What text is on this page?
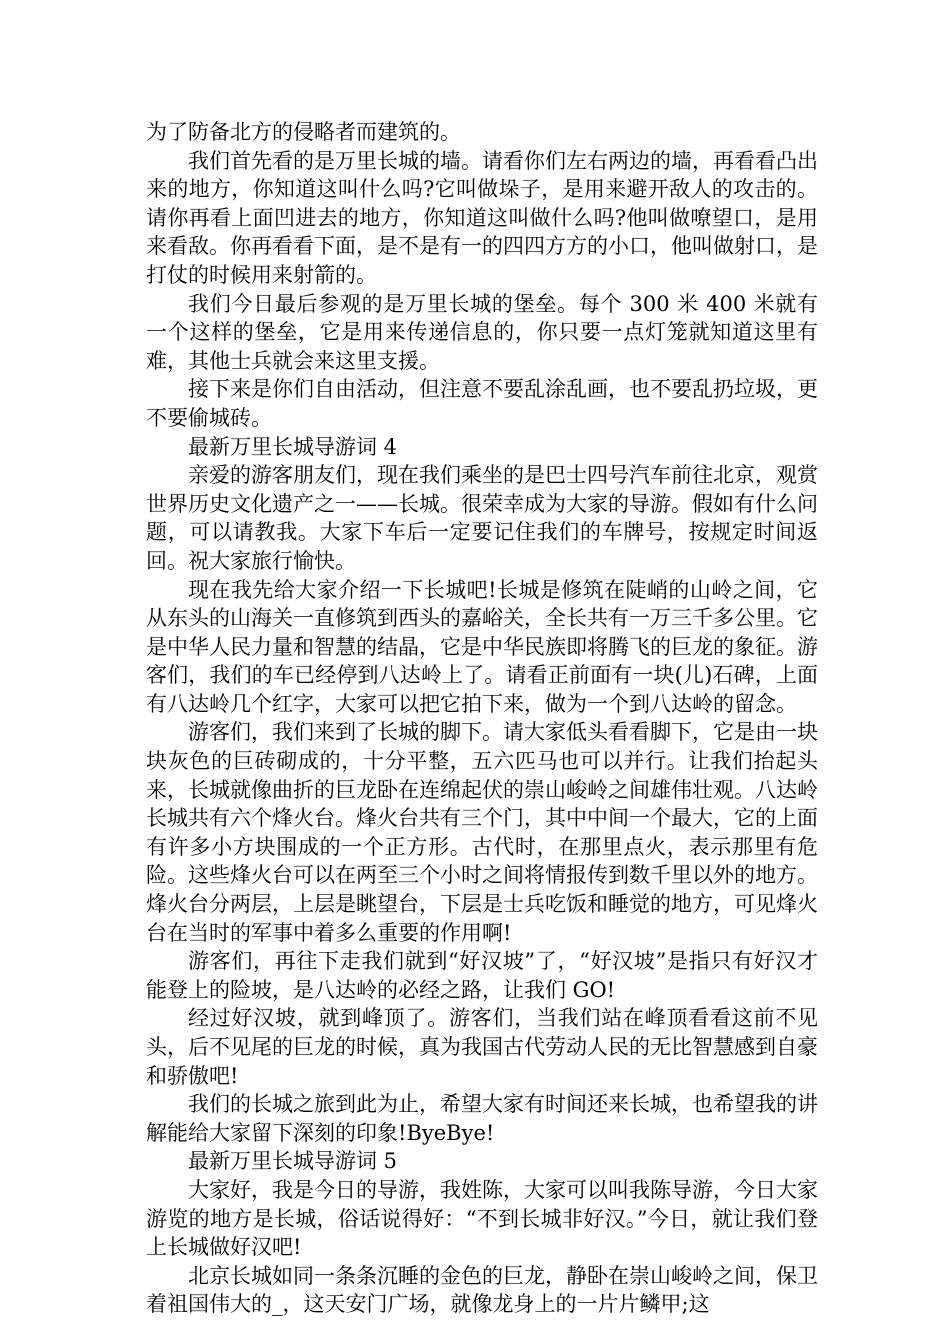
为了防备北方的侵略者而建筑的。

我们首先看的是万里长城的墙。请看你们左右两边的墙，再看看凸出来的地方，你知道这叫什么吗?它叫做垛子，是用来避开敌人的攻击的。请你再看上面凹进去的地方，你知道这叫做什么吗?他叫做嘹望口，是用来看敌。你再看看下面，是不是有一的四四方方的小口，他叫做射口，是打仗的时候用来射箭的。

我们今日最后参观的是万里长城的堡垒。每个 300 米 400 米就有一个这样的堡垒，它是用来传递信息的，你只要一点灯笼就知道这里有难，其他士兵就会来这里支援。

接下来是你们自由活动，但注意不要乱涂乱画，也不要乱扔垃圾，更不要偷城砖。

最新万里长城导游词 4

亲爱的游客朋友们，现在我们乘坐的是巴士四号汽车前往北京，观赏世界历史文化遗产之一——长城。很荣幸成为大家的导游。假如有什么问题，可以请教我。大家下车后一定要记住我们的车牌号，按规定时间返回。祝大家旅行愉快。

现在我先给大家介绍一下长城吧!长城是修筑在陡峭的山岭之间，它从东头的山海关一直修筑到西头的嘉峪关，全长共有一万三千多公里。它是中华人民力量和智慧的结晶，它是中华民族即将腾飞的巨龙的象征。游客们，我们的车已经停到八达岭上了。请看正前面有一块(儿)石碑，上面有八达岭几个红字，大家可以把它拍下来，做为一个到八达岭的留念。

游客们，我们来到了长城的脚下。请大家低头看看脚下，它是由一块块灰色的巨砖砌成的，十分平整，五六匹马也可以并行。让我们抬起头来，长城就像曲折的巨龙卧在连绵起伏的崇山峻岭之间雄伟壮观。八达岭长城共有六个烽火台。烽火台共有三个门，其中中间一个最大，它的上面有许多小方块围成的一个正方形。古代时，在那里点火，表示那里有危险。这些烽火台可以在两至三个小时之间将情报传到数千里以外的地方。烽火台分两层，上层是眺望台，下层是士兵吃饭和睡觉的地方，可见烽火台在当时的军事中着多么重要的作用啊!

游客们，再往下走我们就到“好汉坡”了，“好汉坡”是指只有好汉才能登上的险坡，是八达岭的必经之路，让我们 GO!

经过好汉坡，就到峰顶了。游客们，当我们站在峰顶看看这前不见头，后不见尾的巨龙的时候，真为我国古代劳动人民的无比智慧感到自豪和骄傲吧!

我们的长城之旅到此为止，希望大家有时间还来长城，也希望我的讲解能给大家留下深刻的印象!ByeBye!

最新万里长城导游词 5

大家好，我是今日的导游，我姓陈，大家可以叫我陈导游，今日大家游览的地方是长城，俗话说得好：“不到长城非好汉。”今日，就让我们登上长城做好汉吧!

北京长城如同一条条沉睡的金色的巨龙，静卧在崇山峻岭之间，保卫着祖国伟大的_，这天安门广场，就像龙身上的一片片鳞甲;这
